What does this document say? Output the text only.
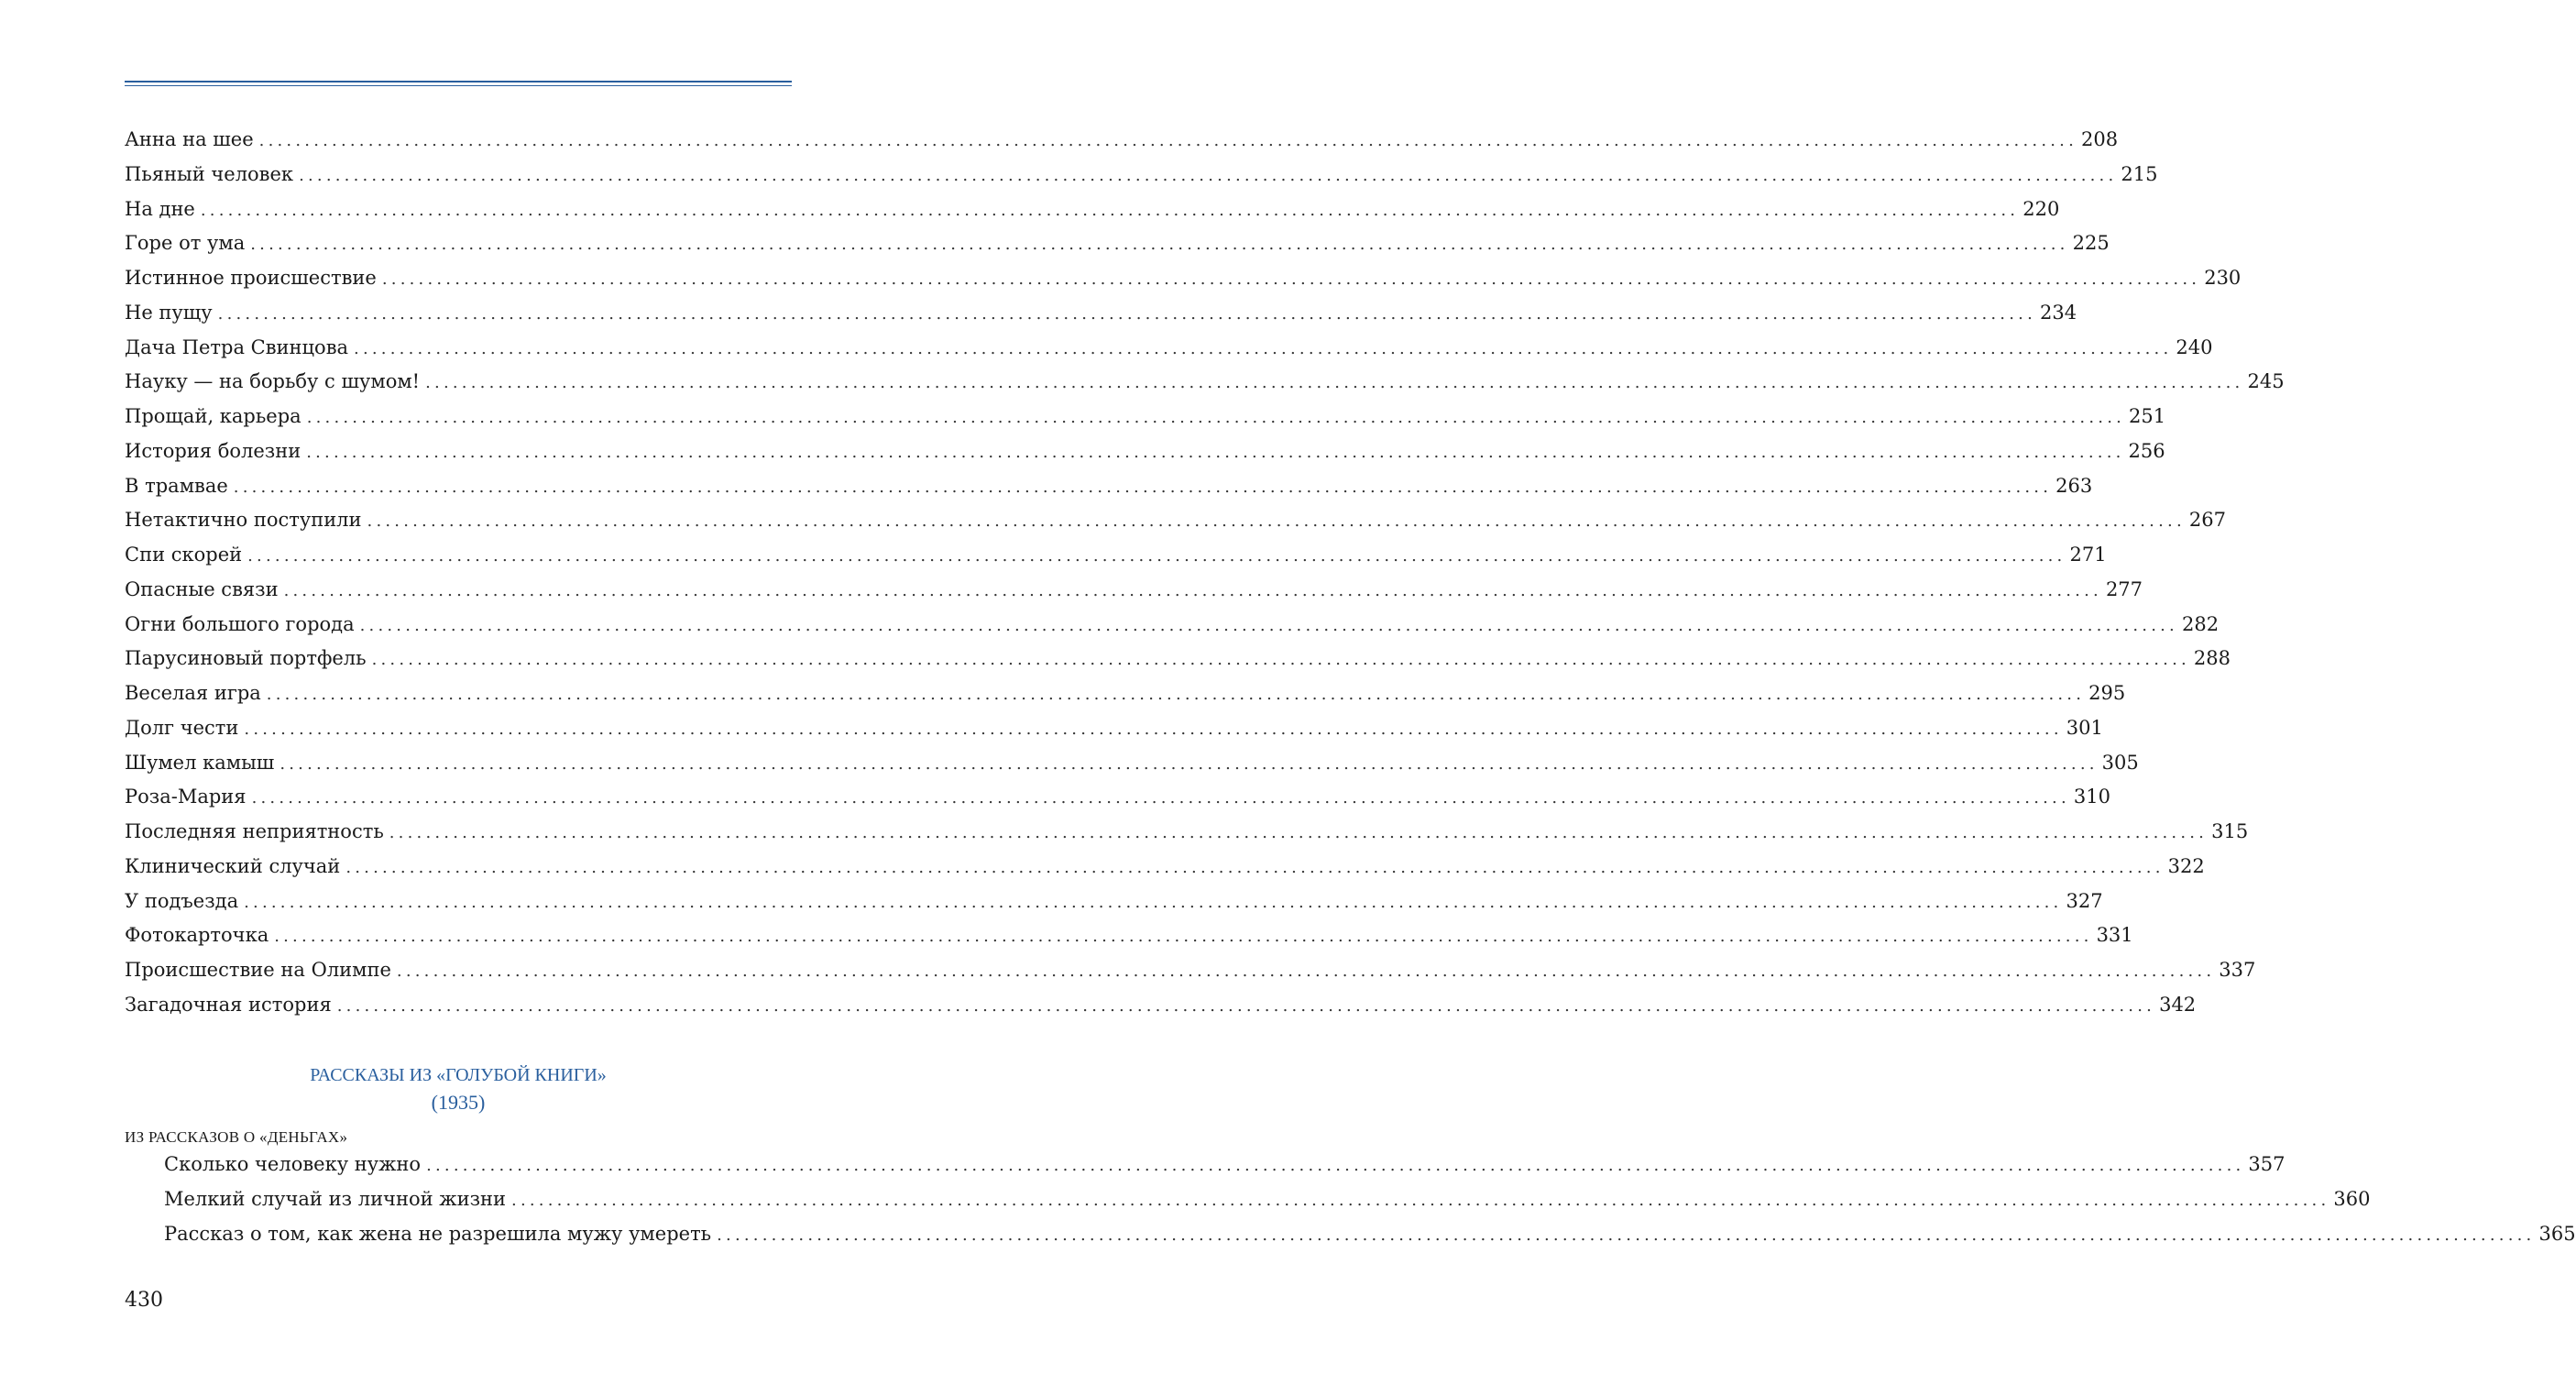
Анна на шее ........................................................................................................................................................................................................ 208
Пьяный человек ........................................................................................................................................................................................................ 215
На дне ........................................................................................................................................................................................................ 220
Горе от ума ........................................................................................................................................................................................................ 225
Истинное происшествие ........................................................................................................................................................................................................ 230
Не пущу ........................................................................................................................................................................................................ 234
Дача Петра Свинцова ........................................................................................................................................................................................................ 240
Науку — на борьбу с шумом! ........................................................................................................................................................................................................ 245
Прощай, карьера ........................................................................................................................................................................................................ 251
История болезни ........................................................................................................................................................................................................ 256
В трамвае ........................................................................................................................................................................................................ 263
Нетактично поступили ........................................................................................................................................................................................................ 267
Спи скорей ........................................................................................................................................................................................................ 271
Опасные связи ........................................................................................................................................................................................................ 277
Огни большого города ........................................................................................................................................................................................................ 282
Парусиновый портфель ........................................................................................................................................................................................................ 288
Веселая игра ........................................................................................................................................................................................................ 295
Долг чести ........................................................................................................................................................................................................ 301
Шумел камыш ........................................................................................................................................................................................................ 305
Роза-Мария ........................................................................................................................................................................................................ 310
Последняя неприятность ........................................................................................................................................................................................................ 315
Клинический случай ........................................................................................................................................................................................................ 322
У подъезда ........................................................................................................................................................................................................ 327
Фотокарточка ........................................................................................................................................................................................................ 331
Происшествие на Олимпе ........................................................................................................................................................................................................ 337
Загадочная история ........................................................................................................................................................................................................ 342
РАССКАЗЫ ИЗ «ГОЛУБОЙ КНИГИ»
(1935)
ИЗ РАССКАЗОВ О «ДЕНЬГАХ»
Сколько человеку нужно ........................................................................................................................................................................................................ 357
Мелкий случай из личной жизни ........................................................................................................................................................................................................ 360
Рассказ о том, как жена не разрешила мужу умереть ........................................................................................................................................................................................................ 365
430
